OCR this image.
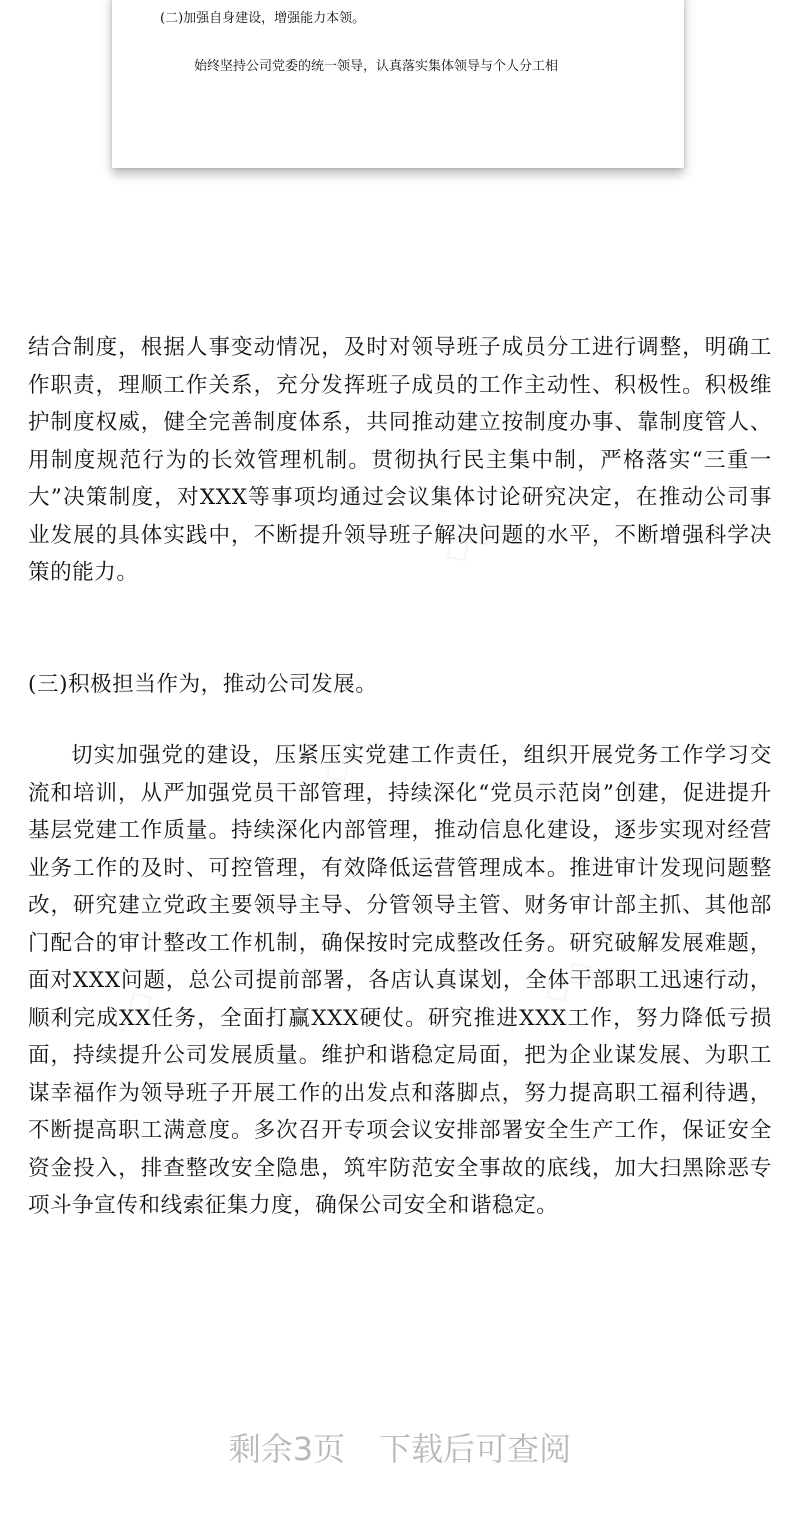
(二)加强自身建设，增强能力本领。
始终坚持公司党委的统一领导，认真落实集体领导与个人分工相

结合制度，根据人事变动情况，及时对领导班子成员分工进行调整，明确工作职责，理顺工作关系，充分发挥班子成员的工作主动性、积极性。积极维护制度权威，健全完善制度体系，共同推动建立按制度办事、靠制度管人、用制度规范行为的长效管理机制。贯彻执行民主集中制，严格落实“三重一大”决策制度，对XXX等事项均通过会议集体讨论研究决定，在推动公司事业发展的具体实践中，不断提升领导班子解决问题的水平，不断增强科学决策的能力。

(三)积极担当作为，推动公司发展。

切实加强党的建设，压紧压实党建工作责任，组织开展党务工作学习交流和培训，从严加强党员干部管理，持续深化“党员示范岗”创建，促进提升基层党建工作质量。持续深化内部管理，推动信息化建设，逐步实现对经营业务工作的及时、可控管理，有效降低运营管理成本。推进审计发现问题整改，研究建立党政主要领导主导、分管领导主管、财务审计部主抓、其他部门配合的审计整改工作机制，确保按时完成整改任务。研究破解发展难题，面对XXX问题，总公司提前部署，各店认真谋划，全体干部职工迅速行动，顺利完成XX任务，全面打赢XXX硬仗。研究推进XXX工作，努力降低亏损面，持续提升公司发展质量。维护和谐稳定局面，把为企业谋发展、为职工谋幸福作为领导班子开展工作的出发点和落脚点，努力提高职工福利待遇，不断提高职工满意度。多次召开专项会议安排部署安全生产工作，保证安全资金投入，排查整改安全隐患，筑牢防范安全事故的底线，加大扫黑除恶专项斗争宣传和线索征集力度，确保公司安全和谐稳定。

剩余3页 下载后可查阅
